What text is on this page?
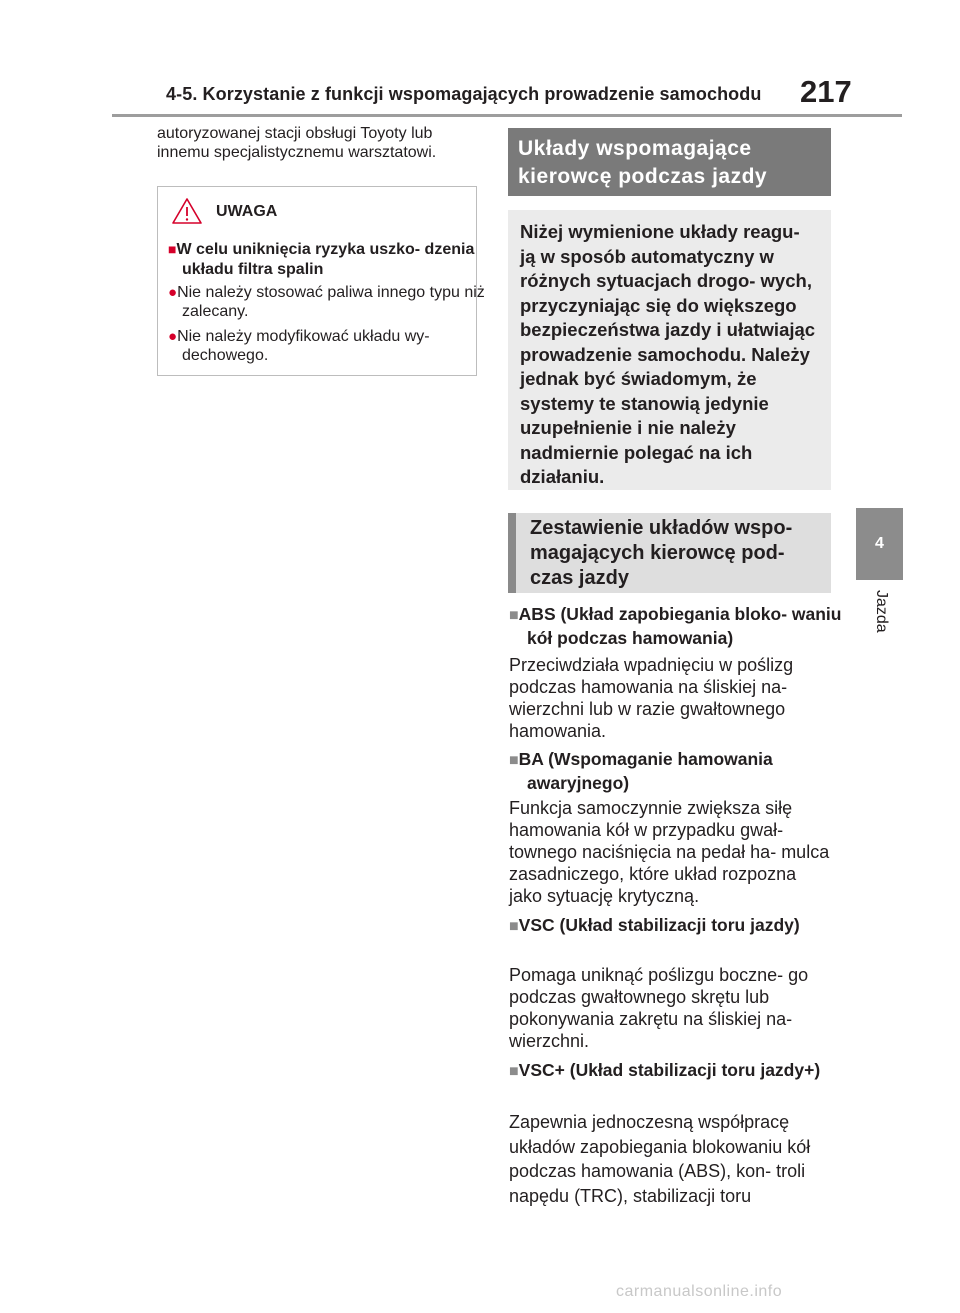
4-5. Korzystanie z funkcji wspomagających prowadzenie samochodu 217
4
Jazda

autoryzowanej stacji obsługi Toyoty lub innemu specjalistycznemu warsztatowi.

UWAGA
■W celu uniknięcia ryzyka uszko- dzenia układu filtra spalin
●Nie należy stosować paliwa innego typu niż zalecany.
●Nie należy modyfikować układu wy- dechowego.
Układy wspomagające kierowcę podczas jazdy
Niżej wymienione układy reagu- ją w sposób automatyczny w różnych sytuacjach drogo- wych, przyczyniając się do większego bezpieczeństwa jazdy i ułatwiając prowadzenie samochodu. Należy jednak być świadomym, że systemy te stanowią jedynie uzupełnienie i nie należy nadmiernie polegać na ich działaniu.
Zestawienie układów wspo- magających kierowcę pod- czas jazdy
■ABS (Układ zapobiegania bloko- waniu kół podczas hamowania)

Przeciwdziała wpadnięciu w poślizg podczas hamowania na śliskiej na- wierzchni lub w razie gwałtownego hamowania.

■BA (Wspomaganie hamowania awaryjnego)

Funkcja samoczynnie zwiększa siłę hamowania kół w przypadku gwał- townego naciśnięcia na pedał ha- mulca zasadniczego, które układ rozpozna jako sytuację krytyczną.

■VSC (Układ stabilizacji toru jazdy)

Pomaga uniknąć poślizgu boczne- go podczas gwałtownego skrętu lub pokonywania zakrętu na śliskiej na- wierzchni.

■VSC+ (Układ stabilizacji toru jazdy+)

Zapewnia jednoczesną współpracę układów zapobiegania blokowaniu kół podczas hamowania (ABS), kon- troli napędu (TRC), stabilizacji toru

carmanualsonline.info
